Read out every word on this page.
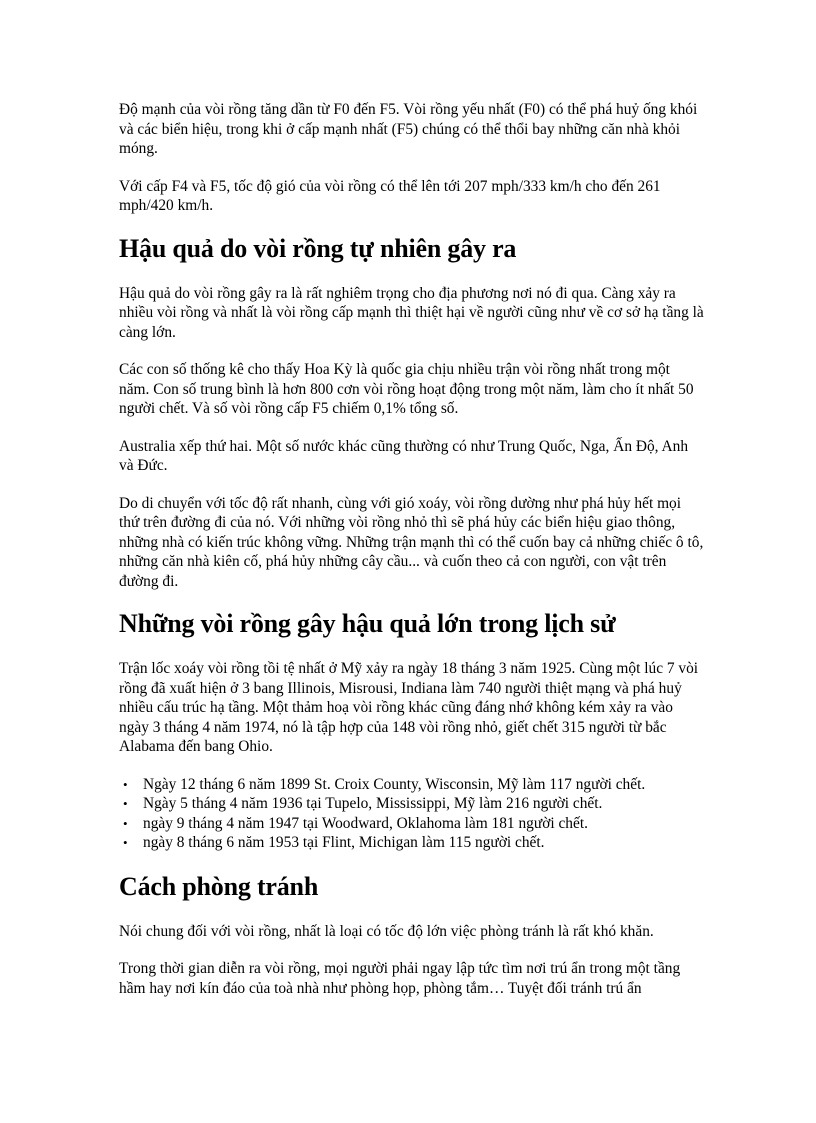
Độ mạnh của vòi rồng tăng dần từ F0 đến F5. Vòi rồng yếu nhất (F0) có thể phá huỷ ống khói và các biển hiệu, trong khi ở cấp mạnh nhất (F5) chúng có thể thổi bay những căn nhà khỏi móng.

Với cấp F4 và F5, tốc độ gió của vòi rồng có thể lên tới 207 mph/333 km/h cho đến 261 mph/420 km/h.

Hậu quả do vòi rồng tự nhiên gây ra

Hậu quả do vòi rồng gây ra là rất nghiêm trọng cho địa phương nơi nó đi qua. Càng xảy ra nhiều vòi rồng và nhất là vòi rồng cấp mạnh thì thiệt hại về người cũng như về cơ sở hạ tầng là càng lớn.

Các con số thống kê cho thấy Hoa Kỳ là quốc gia chịu nhiều trận vòi rồng nhất trong một năm. Con số trung bình là hơn 800 cơn vòi rồng hoạt động trong một năm, làm cho ít nhất 50 người chết. Và số vòi rồng cấp F5 chiếm 0,1% tổng số.

Australia xếp thứ hai. Một số nước khác cũng thường có như Trung Quốc, Nga, Ấn Độ, Anh và Đức.

Do di chuyển với tốc độ rất nhanh, cùng với gió xoáy, vòi rồng dường như phá hủy hết mọi thứ trên đường đi của nó. Với những vòi rồng nhỏ thì sẽ phá hủy các biển hiệu giao thông, những nhà có kiến trúc không vững. Những trận mạnh thì có thể cuốn bay cả những chiếc ô tô, những căn nhà kiên cố, phá hủy những cây cầu... và cuốn theo cả con người, con vật trên đường đi.

Những vòi rồng gây hậu quả lớn trong lịch sử

Trận lốc xoáy vòi rồng tồi tệ nhất ở Mỹ xảy ra ngày 18 tháng 3 năm 1925. Cùng một lúc 7 vòi rồng đã xuất hiện ở 3 bang Illinois, Misrousi, Indiana làm 740 người thiệt mạng và phá huỷ nhiều cấu trúc hạ tầng. Một thảm hoạ vòi rồng khác cũng đáng nhớ không kém xảy ra vào ngày 3 tháng 4 năm 1974, nó là tập hợp của 148 vòi rồng nhỏ, giết chết 315 người từ bắc Alabama đến bang Ohio.

• Ngày 12 tháng 6 năm 1899 St. Croix County, Wisconsin, Mỹ làm 117 người chết.
• Ngày 5 tháng 4 năm 1936 tại Tupelo, Mississippi, Mỹ làm 216 người chết.
• ngày 9 tháng 4 năm 1947 tại Woodward, Oklahoma làm 181 người chết.
• ngày 8 tháng 6 năm 1953 tại Flint, Michigan làm 115 người chết.
Cách phòng tránh

Nói chung đối với vòi rồng, nhất là loại có tốc độ lớn việc phòng tránh là rất khó khăn.

Trong thời gian diễn ra vòi rồng, mọi người phải ngay lập tức tìm nơi trú ẩn trong một tầng hầm hay nơi kín đáo của toà nhà như phòng họp, phòng tắm… Tuyệt đối tránh trú ẩn
